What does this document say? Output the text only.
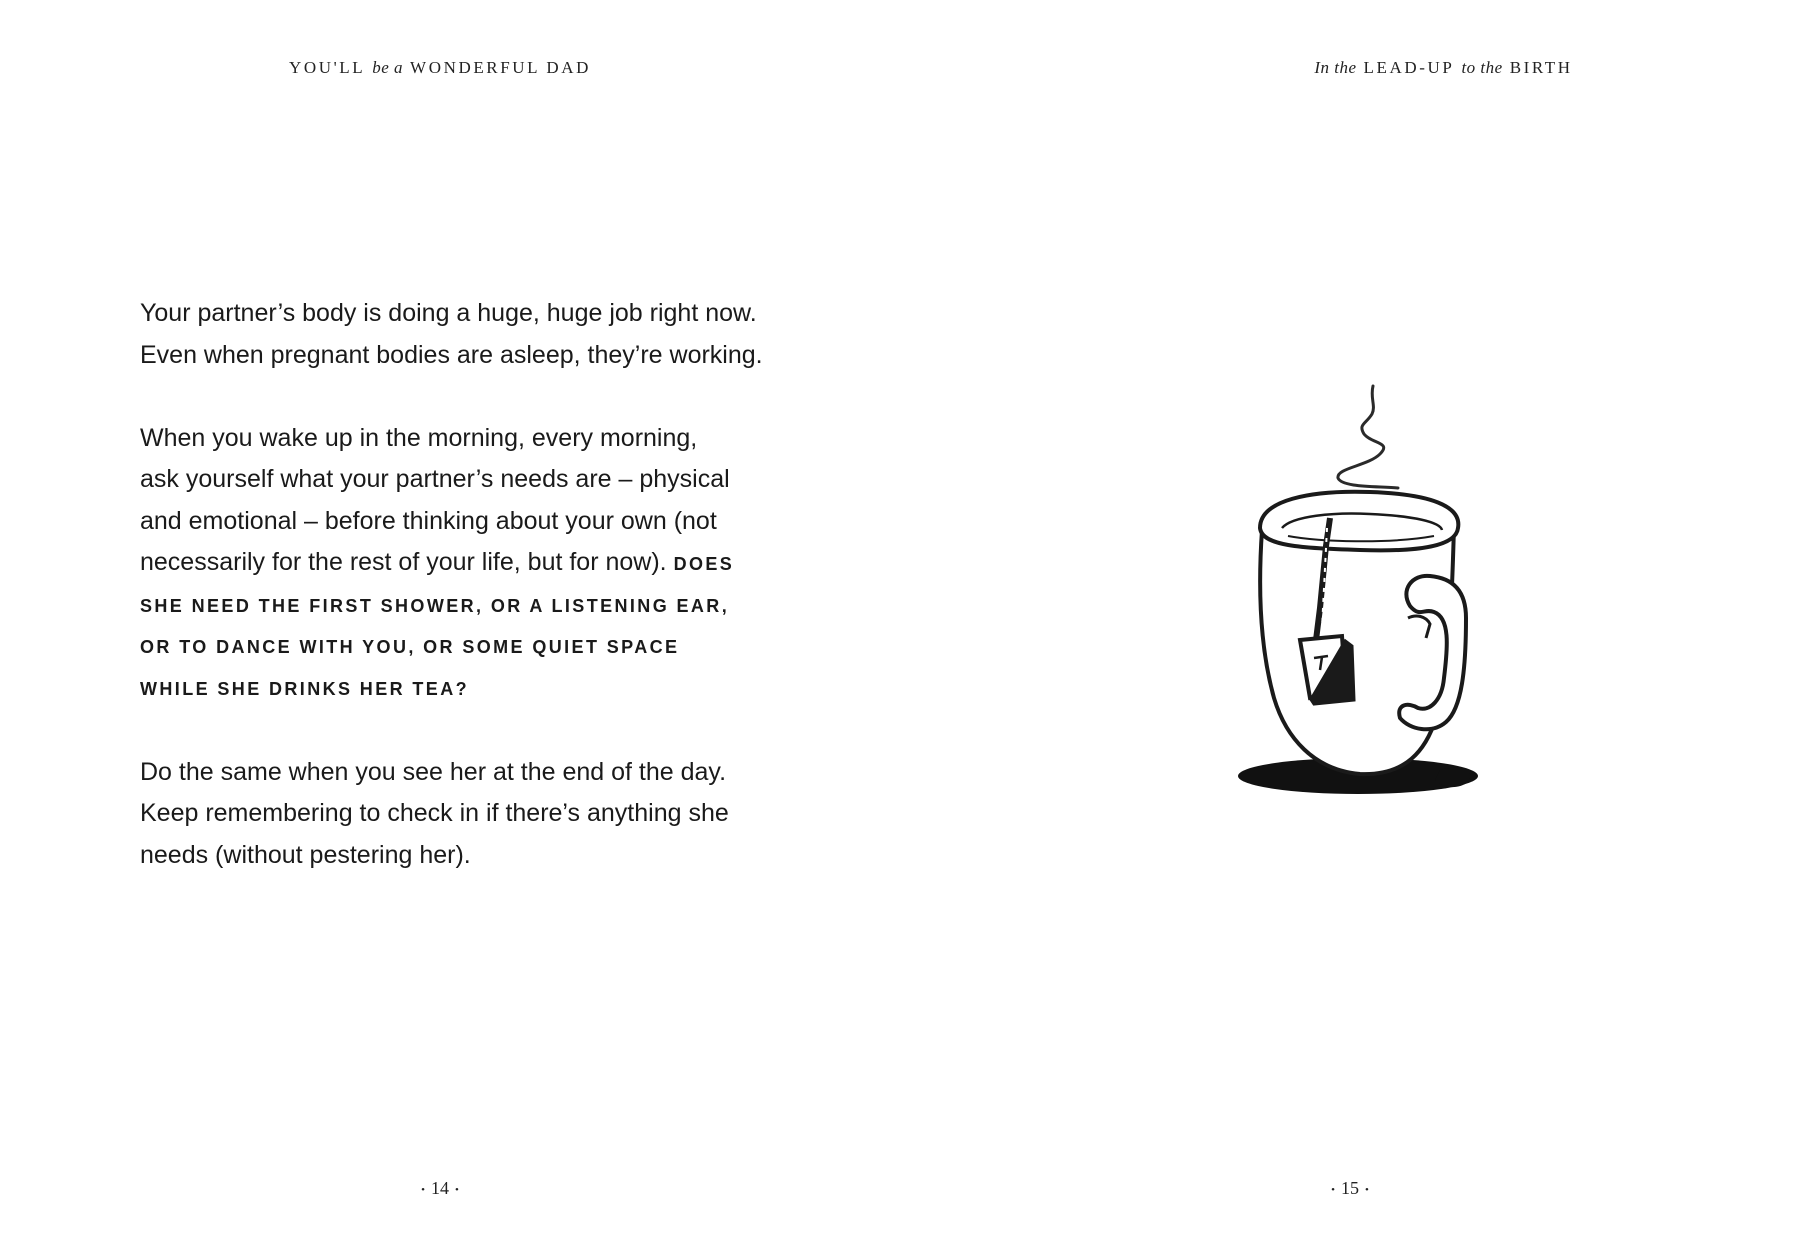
YOU'LL be a WONDERFUL DAD

Your partner’s body is doing a huge, huge job right now.
Even when pregnant bodies are asleep, they’re working.

When you wake up in the morning, every morning,
ask yourself what your partner’s needs are – physical
and emotional – before thinking about your own (not
necessarily for the rest of your life, but for now). DOES
SHE NEED THE FIRST SHOWER, OR A LISTENING EAR,
OR TO DANCE WITH YOU, OR SOME QUIET SPACE
WHILE SHE DRINKS HER TEA?

Do the same when you see her at the end of the day.
Keep remembering to check in if there’s anything she
needs (without pestering her).

• 14 •
In the LEAD-UP to the BIRTH
• 15 •
